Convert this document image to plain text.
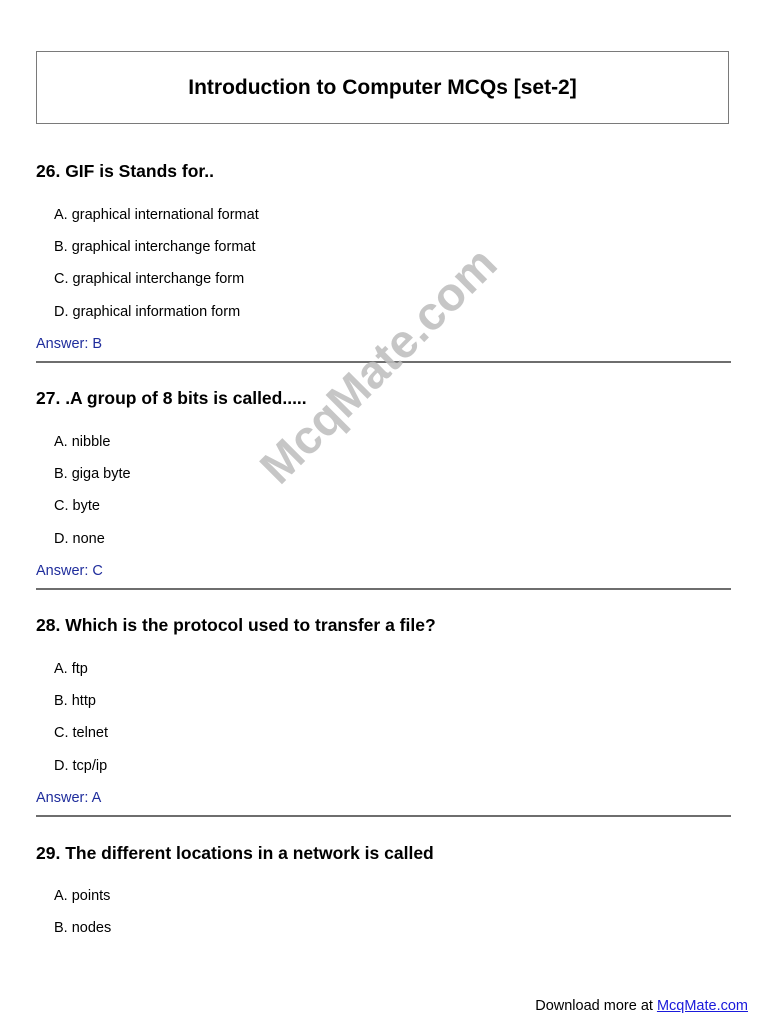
Introduction to Computer MCQs [set-2]
26. GIF is Stands for..
A. graphical international format
B. graphical interchange format
C. graphical interchange form
D. graphical information form
Answer: B
27. .A group of 8 bits is called.....
A. nibble
B. giga byte
C. byte
D. none
Answer: C
28. Which is the protocol used to transfer a file?
A. ftp
B. http
C. telnet
D. tcp/ip
Answer: A
29. The different locations in a network is called
A. points
B. nodes
McqMate.com
Download more at McqMate.com
